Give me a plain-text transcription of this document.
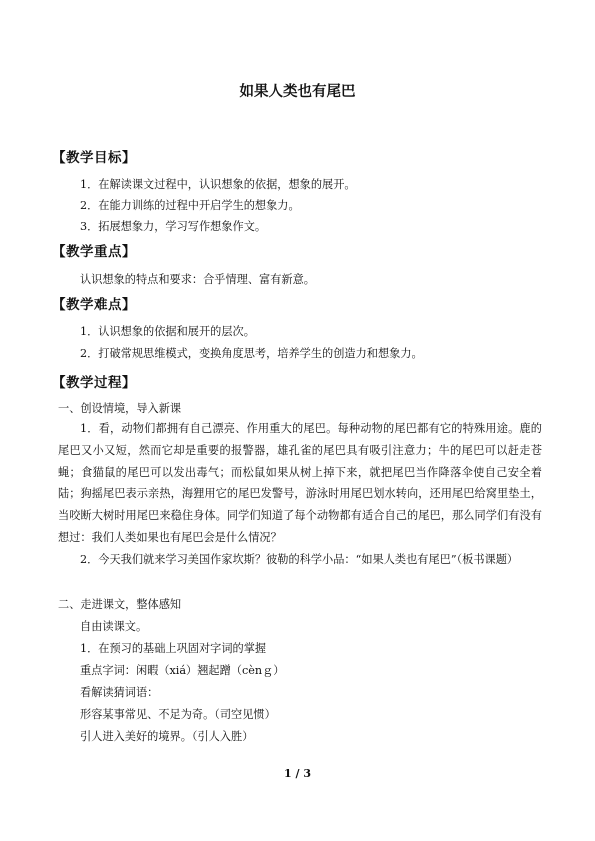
如果人类也有尾巴
【教学目标】
1．在解读课文过程中，认识想象的依据，想象的展开。
2．在能力训练的过程中开启学生的想象力。
3．拓展想象力，学习写作想象作文。
【教学重点】
认识想象的特点和要求：合乎情理、富有新意。
【教学难点】
1．认识想象的依据和展开的层次。
2．打破常规思维模式，变换角度思考，培养学生的创造力和想象力。
【教学过程】
一、创设情境，导入新课
1．看，动物们都拥有自己漂亮、作用重大的尾巴。每种动物的尾巴都有它的特殊用途。鹿的尾巴又小又短，然而它却是重要的报警器，雄孔雀的尾巴具有吸引注意力；牛的尾巴可以赶走苍蝇；食猫鼠的尾巴可以发出毒气；而松鼠如果从树上掉下来，就把尾巴当作降落伞使自己安全着陆；狗摇尾巴表示亲热，海狸用它的尾巴发警号，游泳时用尾巴划水转向，还用尾巴给窝里垫土，当咬断大树时用尾巴来稳住身体。同学们知道了每个动物都有适合自己的尾巴，那么同学们有没有想过：我们人类如果也有尾巴会是什么情况？
2．今天我们就来学习美国作家坎斯？彼勒的科学小品：“如果人类也有尾巴”（板书课题）
二、走进课文，整体感知
自由读课文。
1．在预习的基础上巩固对字词的掌握
重点字词：闲暇（xiá）翘起蹭（cènｇ）
看解读猜词语：
形容某事常见、不足为奇。（司空见惯）
引人进入美好的境界。（引人入胜）
1 / 3
